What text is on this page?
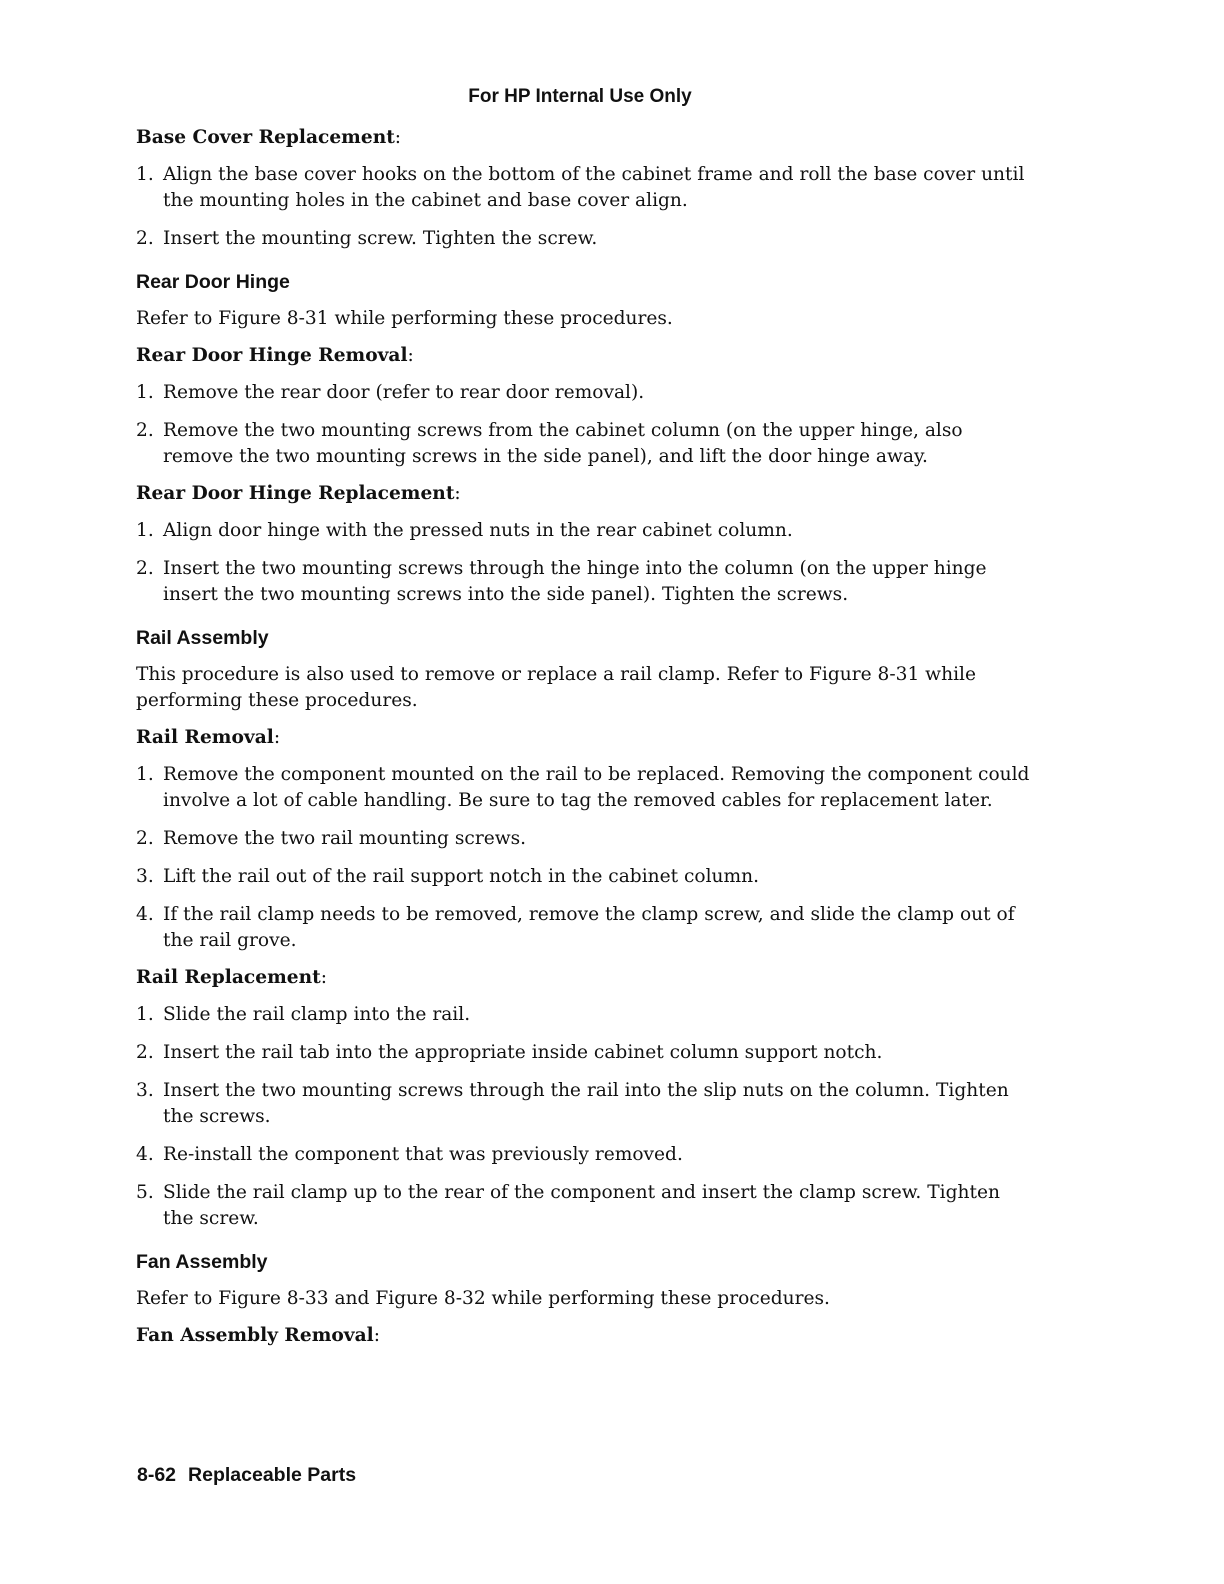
For HP Internal Use Only
Base Cover Replacement:
1. Align the base cover hooks on the bottom of the cabinet frame and roll the base cover until the mounting holes in the cabinet and base cover align.
2. Insert the mounting screw. Tighten the screw.
Rear Door Hinge
Refer to Figure 8-31 while performing these procedures.
Rear Door Hinge Removal:
1. Remove the rear door (refer to rear door removal).
2. Remove the two mounting screws from the cabinet column (on the upper hinge, also remove the two mounting screws in the side panel), and lift the door hinge away.
Rear Door Hinge Replacement:
1. Align door hinge with the pressed nuts in the rear cabinet column.
2. Insert the two mounting screws through the hinge into the column (on the upper hinge insert the two mounting screws into the side panel). Tighten the screws.
Rail Assembly
This procedure is also used to remove or replace a rail clamp. Refer to Figure 8-31 while performing these procedures.
Rail Removal:
1. Remove the component mounted on the rail to be replaced. Removing the component could involve a lot of cable handling. Be sure to tag the removed cables for replacement later.
2. Remove the two rail mounting screws.
3. Lift the rail out of the rail support notch in the cabinet column.
4. If the rail clamp needs to be removed, remove the clamp screw, and slide the clamp out of the rail grove.
Rail Replacement:
1. Slide the rail clamp into the rail.
2. Insert the rail tab into the appropriate inside cabinet column support notch.
3. Insert the two mounting screws through the rail into the slip nuts on the column. Tighten the screws.
4. Re-install the component that was previously removed.
5. Slide the rail clamp up to the rear of the component and insert the clamp screw. Tighten the screw.
Fan Assembly
Refer to Figure 8-33 and Figure 8-32 while performing these procedures.
Fan Assembly Removal:
8-62 Replaceable Parts
